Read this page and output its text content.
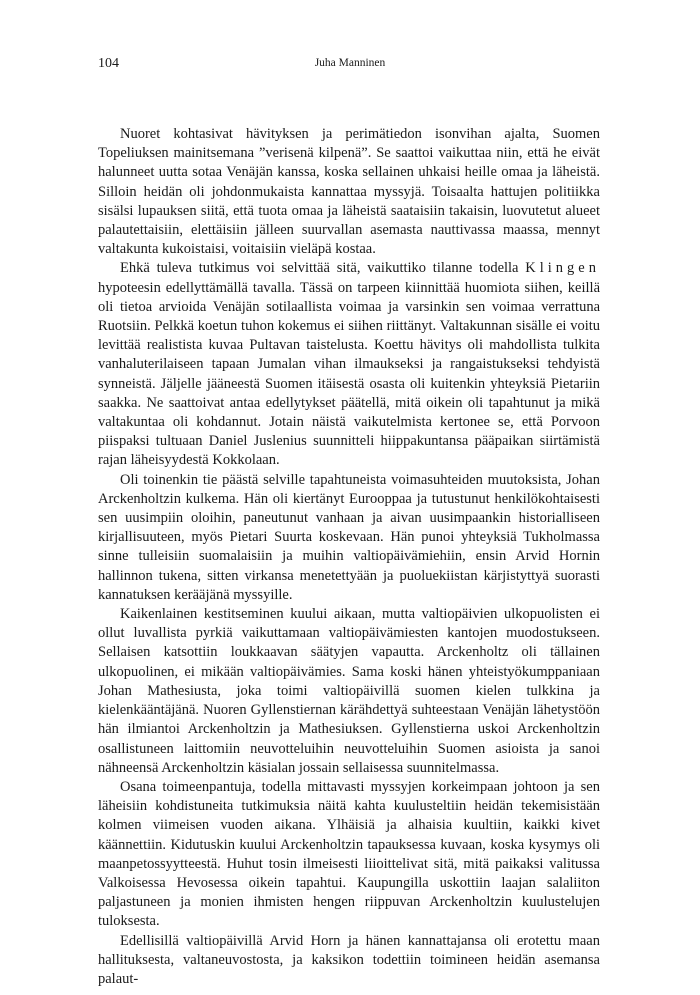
104	Juha Manninen

Nuoret kohtasivat hävityksen ja perimätiedon isonvihan ajalta, Suomen Topeliuksen mainitsemana ”verisenä kilpenä”. Se saattoi vaikuttaa niin, että he eivät halunneet uutta sotaa Venäjän kanssa, koska sellainen uhkaisi heille omaa ja läheistä. Silloin heidän oli johdonmukaista kannattaa myssyjä. Toisaalta hattujen politiikka sisälsi lupauksen siitä, että tuota omaa ja läheistä saataisiin takaisin, luovutetut alueet palautettaisiin, elettäisiin jälleen suurvallan asemasta nauttivassa maassa, mennyt valtakunta kukoistaisi, voitaisiin vieläpä kostaa.

Ehkä tuleva tutkimus voi selvittää sitä, vaikuttiko tilanne todella Klingen hypoteesin edellyttämällä tavalla. Tässä on tarpeen kiinnittää huomiota siihen, keillä oli tietoa arvioida Venäjän sotilaallista voimaa ja varsinkin sen voimaa verrattuna Ruotsiin. Pelkkä koetun tuhon kokemus ei siihen riittänyt. Valtakunnan sisälle ei voitu levittää realistista kuvaa Pultavan taistelusta. Koettu hävitys oli mahdollista tulkita vanhaluterilaiseen tapaan Jumalan vihan ilmaukseksi ja rangaistukseksi tehdyistä synneistä. Jäljelle jääneestä Suomen itäisestä osasta oli kuitenkin yhteyksiä Pietariin saakka. Ne saattoivat antaa edellytykset päätellä, mitä oikein oli tapahtunut ja mikä valtakuntaa oli kohdannut. Jotain näistä vaikutelmista kertonee se, että Porvoon piispaksi tultuaan Daniel Juslenius suunnitteli hiippakuntansa pääpaikan siirtämistä rajan läheisyydestä Kokkolaan.

Oli toinenkin tie päästä selville tapahtuneista voimasuhteiden muutoksista, Johan Arckenholtzin kulkema. Hän oli kiertänyt Eurooppaa ja tutustunut henkilökohtaisesti sen uusimpiin oloihin, paneutunut vanhaan ja aivan uusimpaankin historialliseen kirjallisuuteen, myös Pietari Suurta koskevaan. Hän punoi yhteyksiä Tukholmassa sinne tulleisiin suomalaisiin ja muihin valtiopäivämiehiin, ensin Arvid Hornin hallinnon tukena, sitten virkansa menetettyään ja puoluekiistan kärjistyttyä suorasti kannatuksen kerääjänä myssyille.

Kaikenlainen kestitseminen kuului aikaan, mutta valtiopäivien ulkopuolisten ei ollut luvallista pyrkiä vaikuttamaan valtiopäivämiesten kantojen muodostukseen. Sellaisen katsottiin loukkaavan säätyjen vapautta. Arckenholtz oli tällainen ulkopuolinen, ei mikään valtiopäivämies. Sama koski hänen yhteistyökumppaniaan Johan Mathesiusta, joka toimi valtiopäivillä suomen kielen tulkkina ja kielenkääntäjänä. Nuoren Gyllenstiernan kärähdettyä suhteestaan Venäjän lähetystöön hän ilmiantoi Arckenholtzin ja Mathesiuksen. Gyllenstierna uskoi Arckenholtzin osallistuneen laittomiin neuvotteluihin neuvotteluihin Suomen asioista ja sanoi nähneensä Arckenholtzin käsialan jossain sellaisessa suunnitelmassa.

Osana toimeenpantuja, todella mittavasti myssyjen korkeimpaan johtoon ja sen läheisiin kohdistuneita tutkimuksia näitä kahta kuulusteltiin heidän tekemisistään kolmen viimeisen vuoden aikana. Ylhäisiä ja alhaisia kuultiin, kaikki kivet käännettiin. Kidutuskin kuului Arckenholtzin tapauksessa kuvaan, koska kysymys oli maanpetossyytteestä. Huhut tosin ilmeisesti liioittelivat sitä, mitä paikaksi valitussa Valkoisessa Hevosessa oikein tapahtui. Kaupungilla uskottiin laajan salaliiton paljastuneen ja monien ihmisten hengen riippuvan Arckenholtzin kuulustelujen tuloksesta.

Edellisillä valtiopäivillä Arvid Horn ja hänen kannattajansa oli erotettu maan hallituksesta, valtaneuvostosta, ja kaksikon todettiin toimineen heidän asemansa palaut-
